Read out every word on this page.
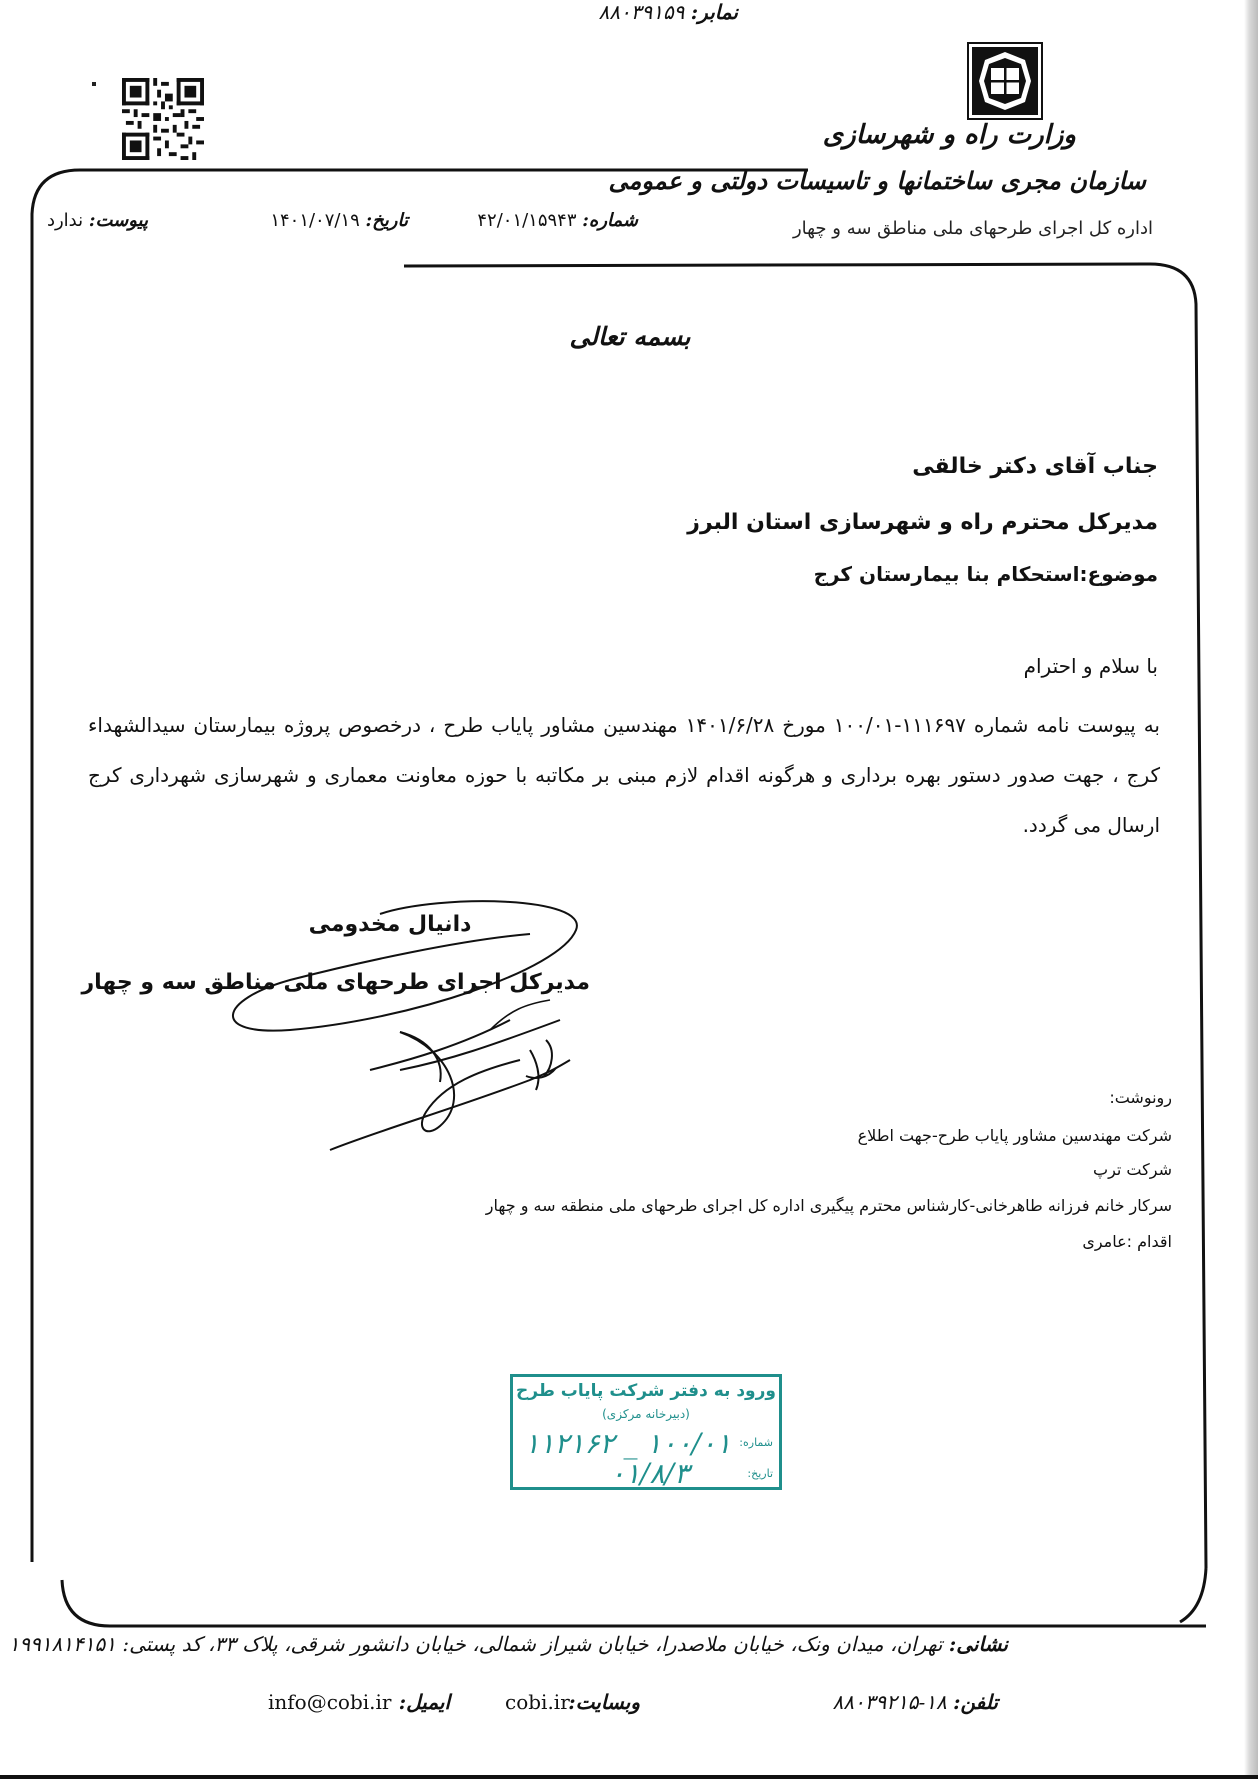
وزارت راه و شهرسازی
سازمان مجری ساختمانها و تاسیسات دولتی و عمومی
اداره کل اجرای طرحهای ملی مناطق سه و چهار
شماره: ۴۲/۰۱/۱۵۹۴۳
تاریخ: ۱۴۰۱/۰۷/۱۹
پیوست: ندارد
بسمه تعالی
جناب آقای دکتر خالقی
مدیرکل محترم راه و شهرسازی استان البرز
موضوع:استحکام بنا بیمارستان کرج
با سلام و احترام
به پیوست نامه شماره ۱۱۱۶۹۷-۱۰۰/۰۱ مورخ ۱۴۰۱/۶/۲۸ مهندسین مشاور پایاب طرح ، درخصوص پروژه بیمارستان سیدالشهداء کرج ، جهت صدور دستور بهره برداری و هرگونه اقدام لازم مبنی بر مکاتبه با حوزه معاونت معماری و شهرسازی شهرداری کرج ارسال می گردد.
دانیال مخدومی
مدیرکل اجرای طرحهای ملی مناطق سه و چهار
رونوشت:
شرکت مهندسین مشاور پایاب طرح-جهت اطلاع
شرکت ترپ
سرکار خانم فرزانه طاهرخانی-کارشناس محترم پیگیری اداره کل اجرای طرحهای ملی منطقه سه و چهار
اقدام :عامری
ورود به دفتر شرکت پایاب طرح
(دبیرخانه مرکزی)
شماره:
۱۰۰/۰۱ _ ۱۱۲۱۶۲
تاریخ:
۰۱/۸/۳
نشانی: تهران، میدان ونک، خیابان ملاصدرا، خیابان شیراز شمالی، خیابان دانشور شرقی، پلاک ۳۳، کد پستی: ۱۹۹۱۸۱۴۱۵۱
تلفن: ۱۸-۸۸۰۳۹۲۱۵
نمابر: ۸۸۰۳۹۱۵۹
وبسایت:
cobi.ir
ایمیل:
info@cobi.ir
